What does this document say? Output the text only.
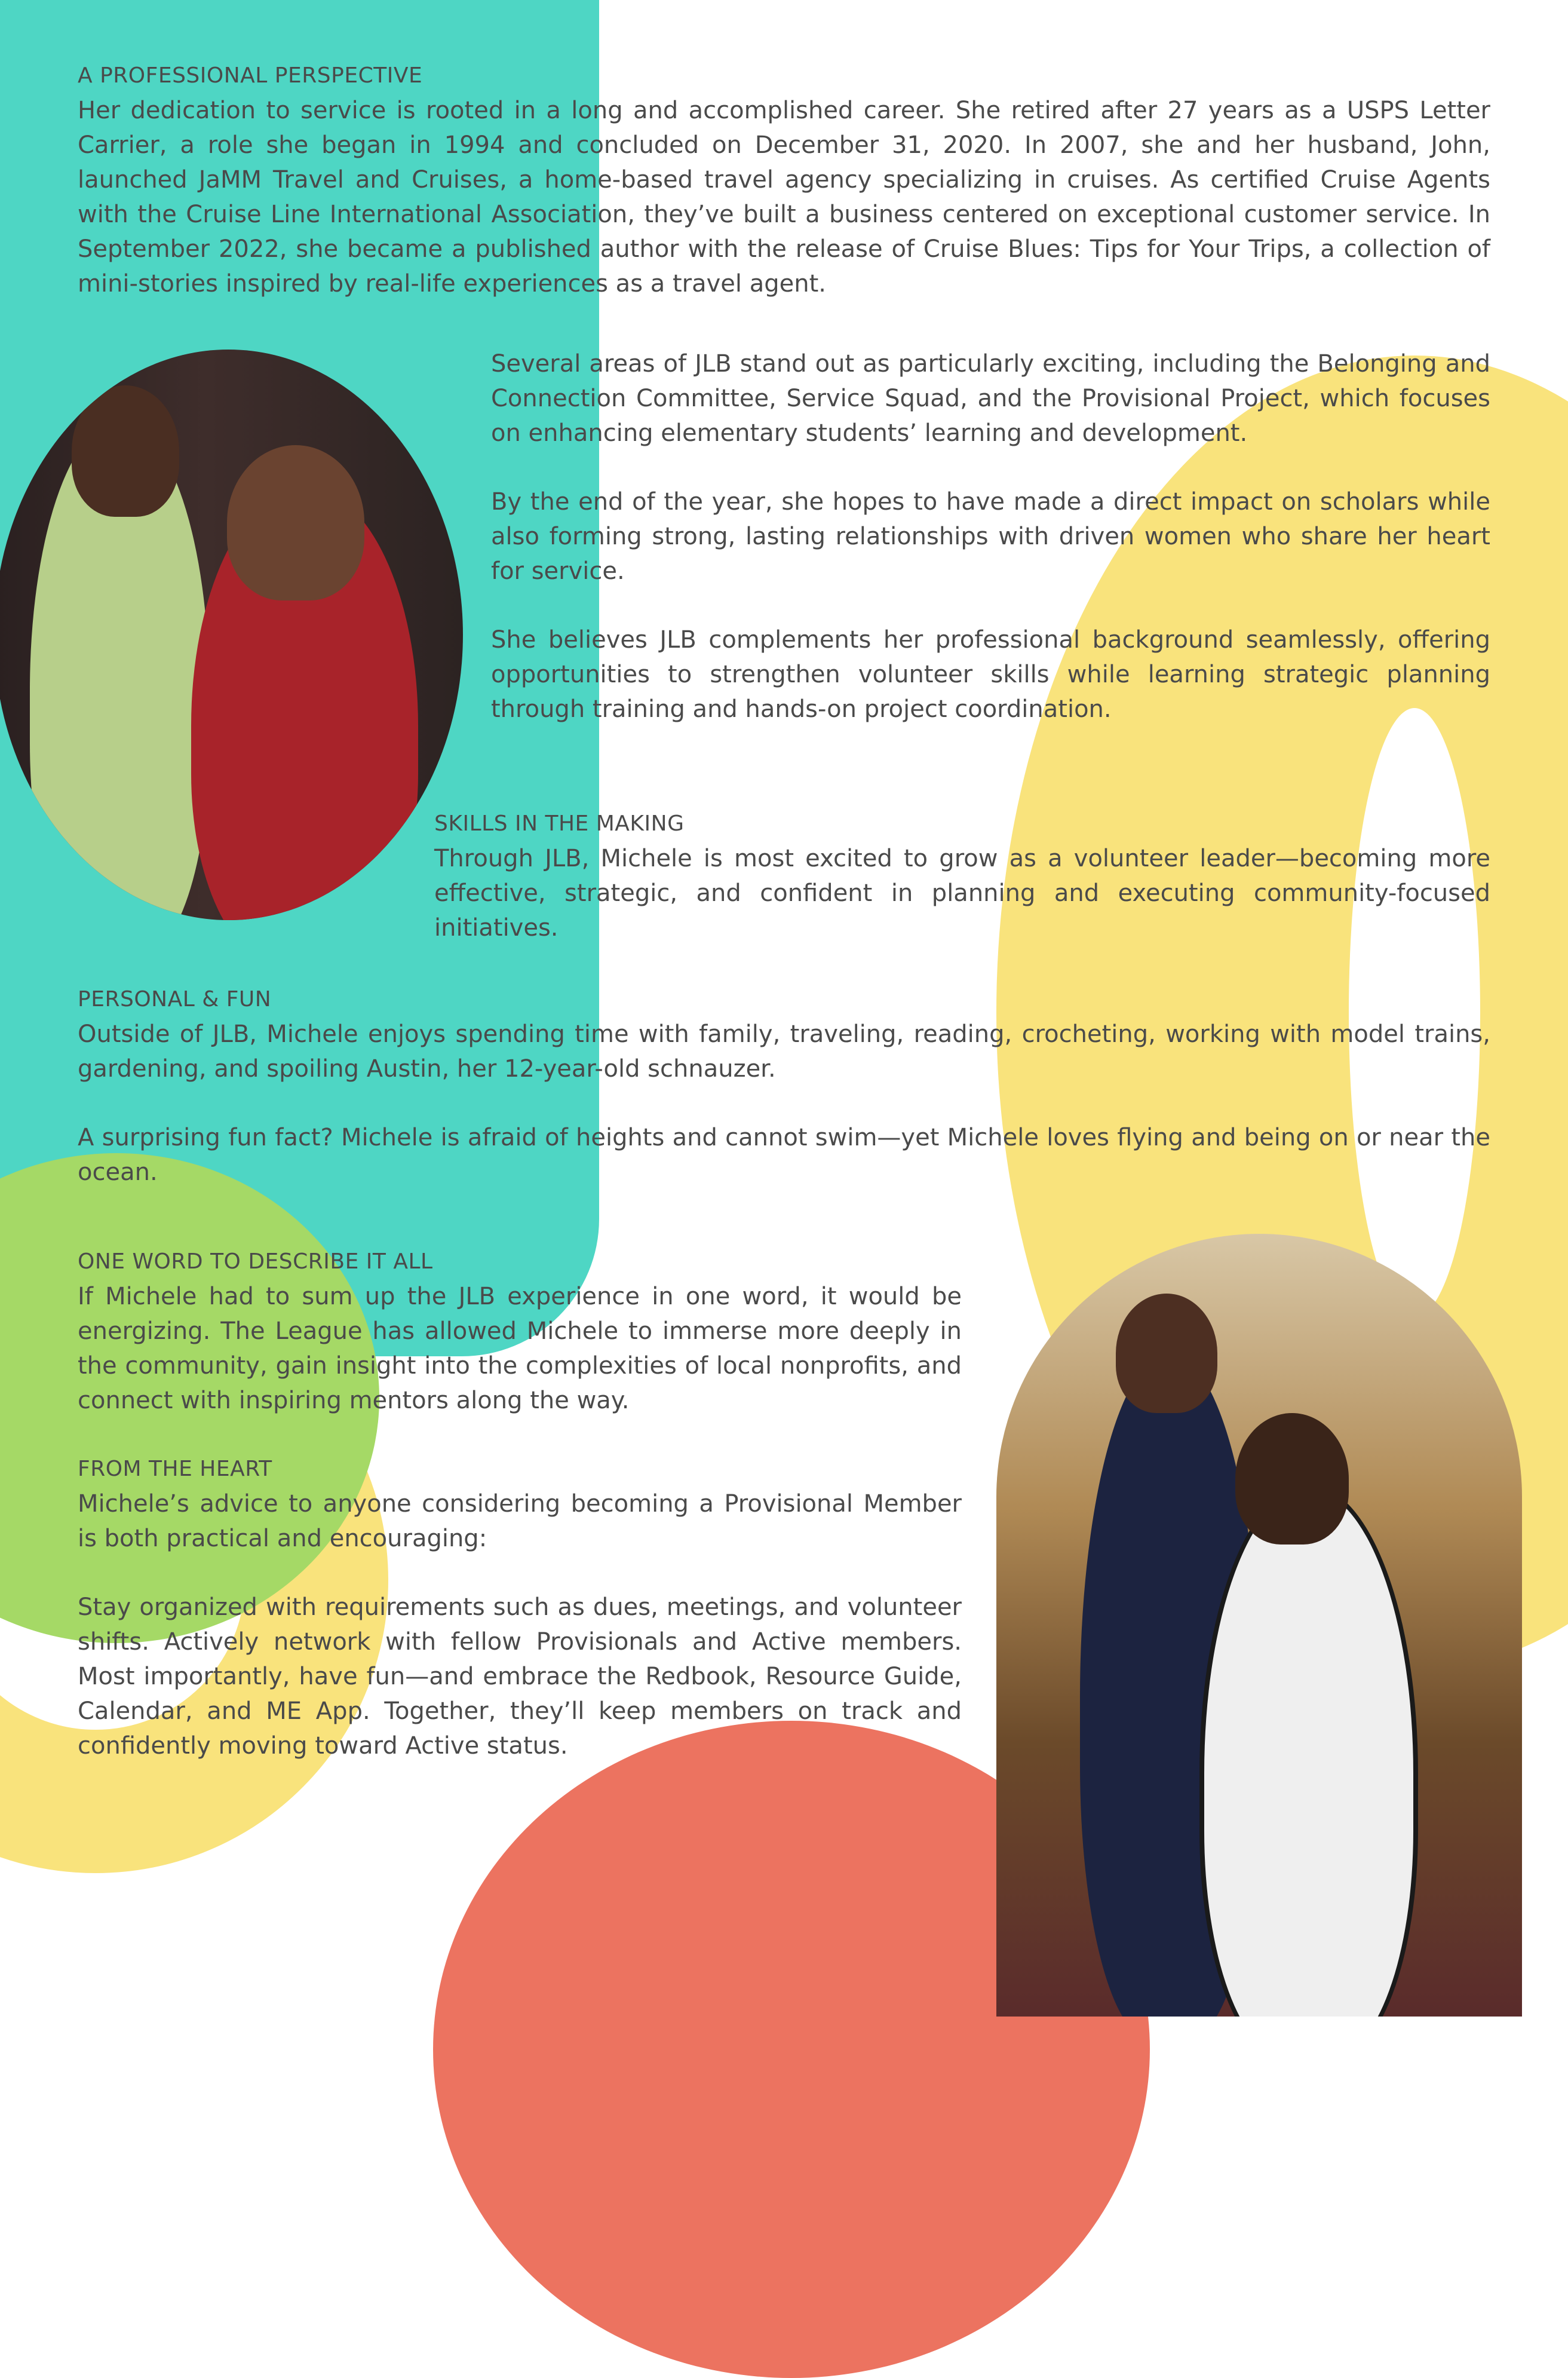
A PROFESSIONAL PERSPECTIVE

Her dedication to service is rooted in a long and accomplished career. She retired after 27 years as a USPS Letter Carrier, a role she began in 1994 and concluded on December 31, 2020. In 2007, she and her husband, John, launched JaMM Travel and Cruises, a home-based travel agency specializing in cruises. As certified Cruise Agents with the Cruise Line International Association, they’ve built a business centered on exceptional customer service. In September 2022, she became a published author with the release of Cruise Blues: Tips for Your Trips, a collection of mini-stories inspired by real-life experiences as a travel agent.

Several areas of JLB stand out as particularly exciting, including the Belonging and Connection Committee, Service Squad, and the Provisional Project, which focuses on enhancing elementary students’ learning and development.

By the end of the year, she hopes to have made a direct impact on scholars while also forming strong, lasting relationships with driven women who share her heart for service.

She believes JLB complements her professional background seamlessly, offering opportunities to strengthen volunteer skills while learning strategic planning through training and hands-on project coordination.

SKILLS IN THE MAKING

Through JLB, Michele is most excited to grow as a volunteer leader—becoming more effective, strategic, and confident in planning and executing community-focused initiatives.

PERSONAL & FUN

Outside of JLB, Michele enjoys spending time with family, traveling, reading, crocheting, working with model trains, gardening, and spoiling Austin, her 12-year-old schnauzer.

A surprising fun fact? Michele is afraid of heights and cannot swim—yet Michele loves flying and being on or near the ocean.

ONE WORD TO DESCRIBE IT ALL

If Michele had to sum up the JLB experience in one word, it would be energizing. The League has allowed Michele to immerse more deeply in the community, gain insight into the complexities of local nonprofits, and connect with inspiring mentors along the way.

FROM THE HEART

Michele’s advice to anyone considering becoming a Provisional Member is both practical and encouraging:

Stay organized with requirements such as dues, meetings, and volunteer shifts. Actively network with fellow Provisionals and Active members. Most importantly, have fun—and embrace the Redbook, Resource Guide, Calendar, and ME App. Together, they’ll keep members on track and confidently moving toward Active status.
